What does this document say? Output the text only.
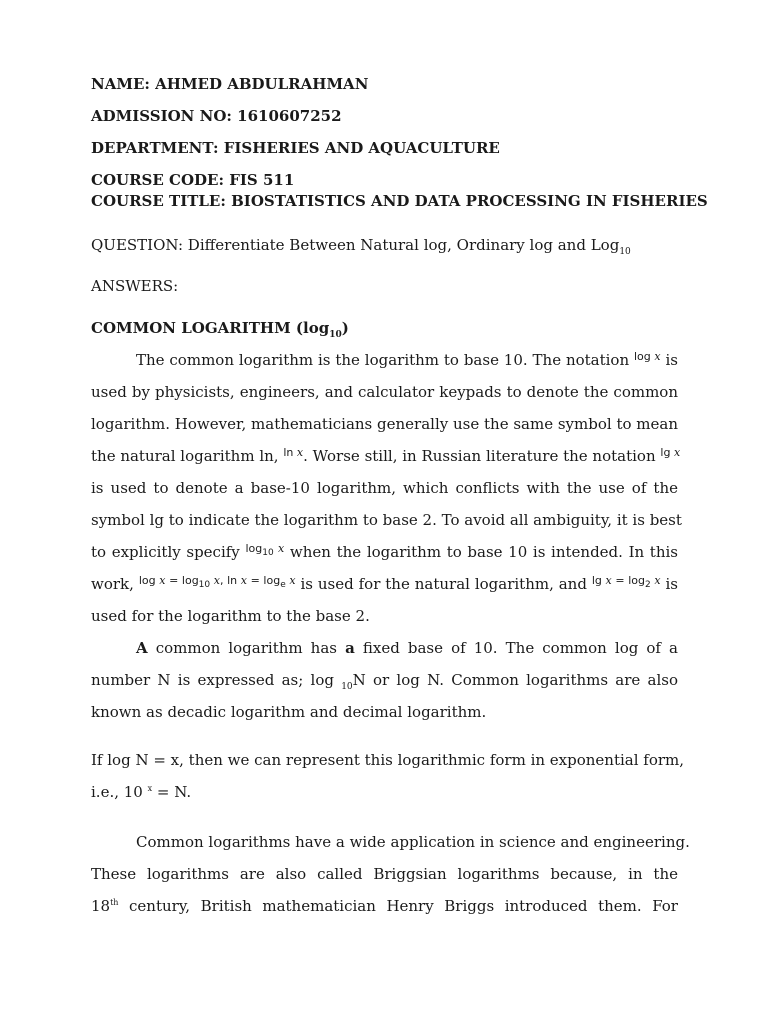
NAME: AHMED ABDULRAHMAN
ADMISSION NO: 1610607252
DEPARTMENT: FISHERIES AND AQUACULTURE
COURSE CODE: FIS 511
COURSE TITLE: BIOSTATISTICS AND DATA PROCESSING IN FISHERIES
QUESTION: Differentiate Between Natural log, Ordinary log and Log$_{10}$
ANSWERS:
COMMON LOGARITHM $(\log_{10})$
The common logarithm is the logarithm to base 10. The notation $^{log x}$ is
used by physicists, engineers, and calculator keypads to denote the common
logarithm. However, mathematicians generally use the same symbol to mean
the natural logarithm ln, $^{ln x}$. Worse still, in Russian literature the notation $^{lg x}$
is used to denote a base-10 logarithm, which conflicts with the use of the
symbol lg to indicate the logarithm to base 2. To avoid all ambiguity, it is best
to explicitly specify $^{log_{10} x}$ when the logarithm to base 10 is intended. In this
work, $^{log x = log_{10} x, ln x = log_e x}$ is used for the natural logarithm, and $^{lg x = log_2 x}$ is
used for the logarithm to the base 2.
A common logarithm has a fixed base of 10. The common log of a
number N is expressed as; log $_{10}$N or log N. Common logarithms are also
known as decadic logarithm and decimal logarithm.
If log N = x, then we can represent this logarithmic form in exponential form,
i.e., 10 $^x$ = N.
Common logarithms have a wide application in science and engineering.
These logarithms are also called Briggsian logarithms because, in the
18th century, British mathematician Henry Briggs introduced them. For
